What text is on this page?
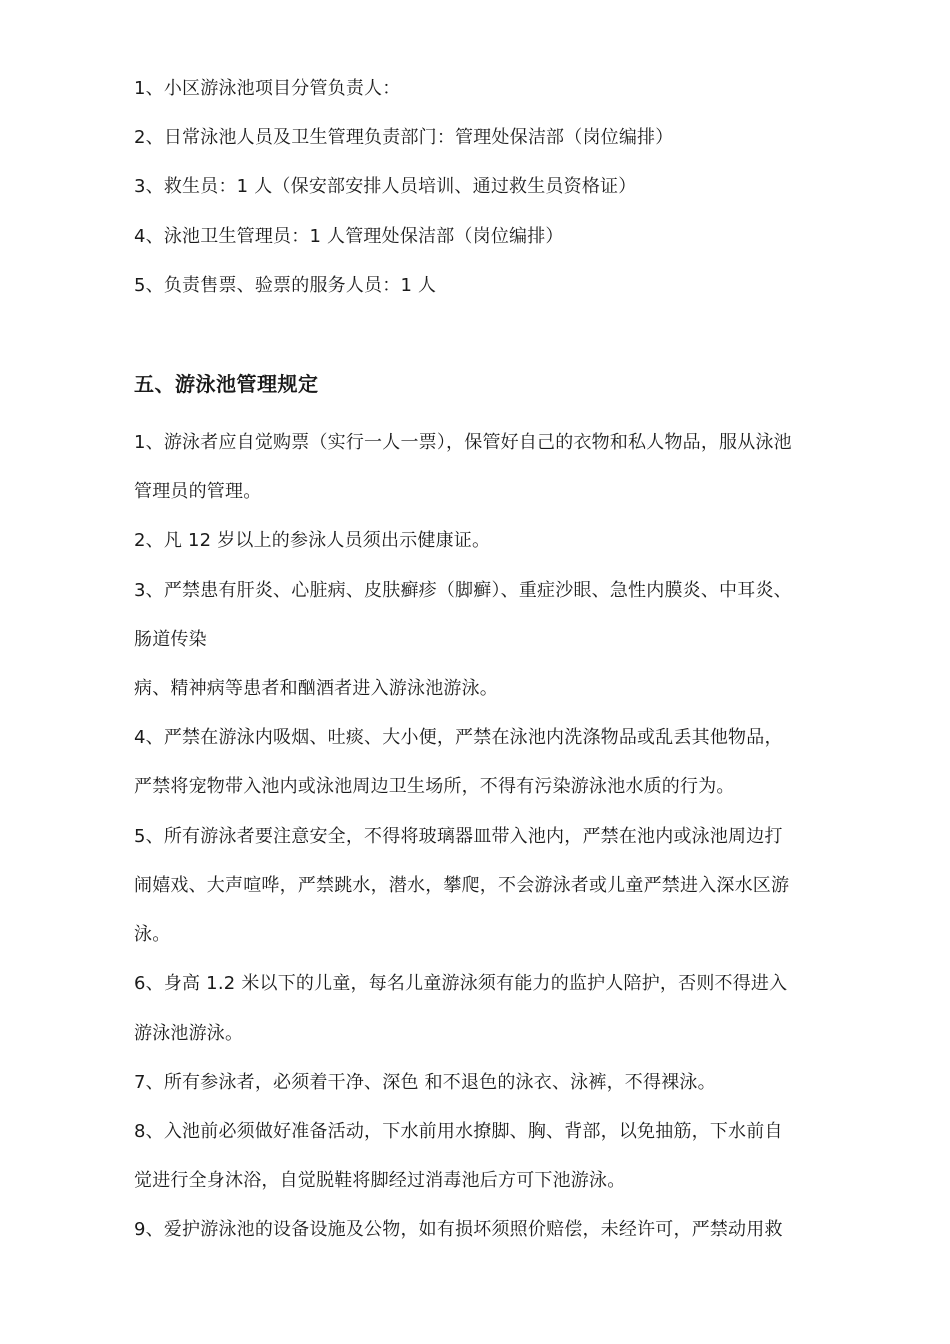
1、小区游泳池项目分管负责人：
2、日常泳池人员及卫生管理负责部门：管理处保洁部（岗位编排）
3、救生员：1 人（保安部安排人员培训、通过救生员资格证）
4、泳池卫生管理员：1 人管理处保洁部（岗位编排）
5、负责售票、验票的服务人员：1 人
五、游泳池管理规定
1、游泳者应自觉购票（实行一人一票），保管好自己的衣物和私人物品，服从泳池
管理员的管理。
2、凡 12 岁以上的参泳人员须出示健康证。
3、严禁患有肝炎、心脏病、皮肤癣疹（脚癣）、重症沙眼、急性内膜炎、中耳炎、
肠道传染
病、精神病等患者和酗酒者进入游泳池游泳。
4、严禁在游泳内吸烟、吐痰、大小便，严禁在泳池内洗涤物品或乱丢其他物品，
严禁将宠物带入池内或泳池周边卫生场所，不得有污染游泳池水质的行为。
5、所有游泳者要注意安全，不得将玻璃器皿带入池内，严禁在池内或泳池周边打
闹嬉戏、大声喧哗，严禁跳水，潜水，攀爬，不会游泳者或儿童严禁进入深水区游
泳。
6、身高 1.2 米以下的儿童，每名儿童游泳须有能力的监护人陪护，否则不得进入
游泳池游泳。
7、所有参泳者，必须着干净、深色 和不退色的泳衣、泳裤，不得裸泳。
8、入池前必须做好准备活动，下水前用水撩脚、胸、背部，以免抽筋，下水前自
觉进行全身沐浴，自觉脱鞋将脚经过消毒池后方可下池游泳。
9、爱护游泳池的设备设施及公物，如有损坏须照价赔偿，未经许可，严禁动用救
